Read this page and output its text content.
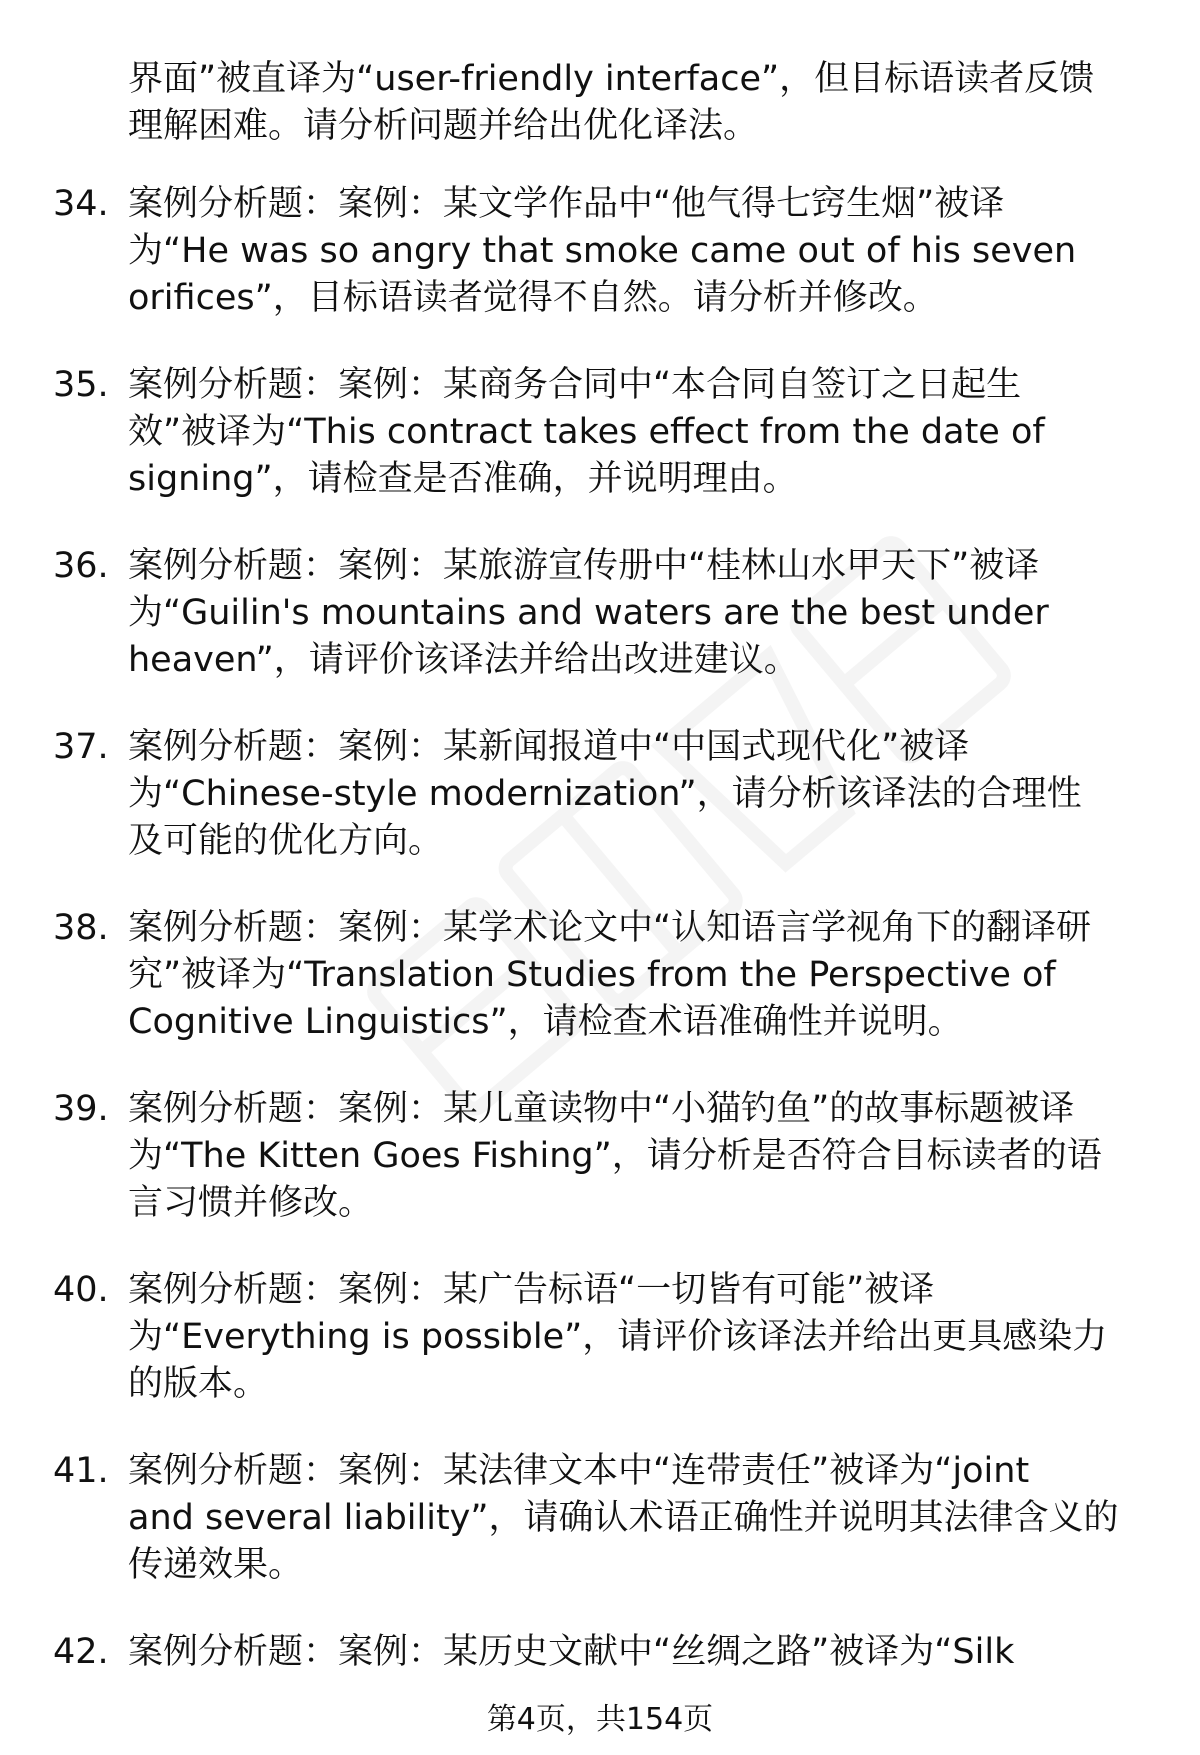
界面”被直译为“user-friendly interface”，但目标语读者反馈
理解困难。请分析问题并给出优化译法。
34. 案例分析题：案例：某文学作品中“他气得七窍生烟”被译
为“He was so angry that smoke came out of his seven
orifices”，目标语读者觉得不自然。请分析并修改。
35. 案例分析题：案例：某商务合同中“本合同自签订之日起生
效”被译为“This contract takes effect from the date of
signing”，请检查是否准确，并说明理由。
36. 案例分析题：案例：某旅游宣传册中“桂林山水甲天下”被译
为“Guilin's mountains and waters are the best under
heaven”，请评价该译法并给出改进建议。
37. 案例分析题：案例：某新闻报道中“中国式现代化”被译
为“Chinese-style modernization”，请分析该译法的合理性
及可能的优化方向。
38. 案例分析题：案例：某学术论文中“认知语言学视角下的翻译研
究”被译为“Translation Studies from the Perspective of
Cognitive Linguistics”，请检查术语准确性并说明。
39. 案例分析题：案例：某儿童读物中“小猫钓鱼”的故事标题被译
为“The Kitten Goes Fishing”，请分析是否符合目标读者的语
言习惯并修改。
40. 案例分析题：案例：某广告标语“一切皆有可能”被译
为“Everything is possible”，请评价该译法并给出更具感染力
的版本。
41. 案例分析题：案例：某法律文本中“连带责任”被译为“joint
and several liability”，请确认术语正确性并说明其法律含义的
传递效果。
42. 案例分析题：案例：某历史文献中“丝绸之路”被译为“Silk
第4页，共154页
